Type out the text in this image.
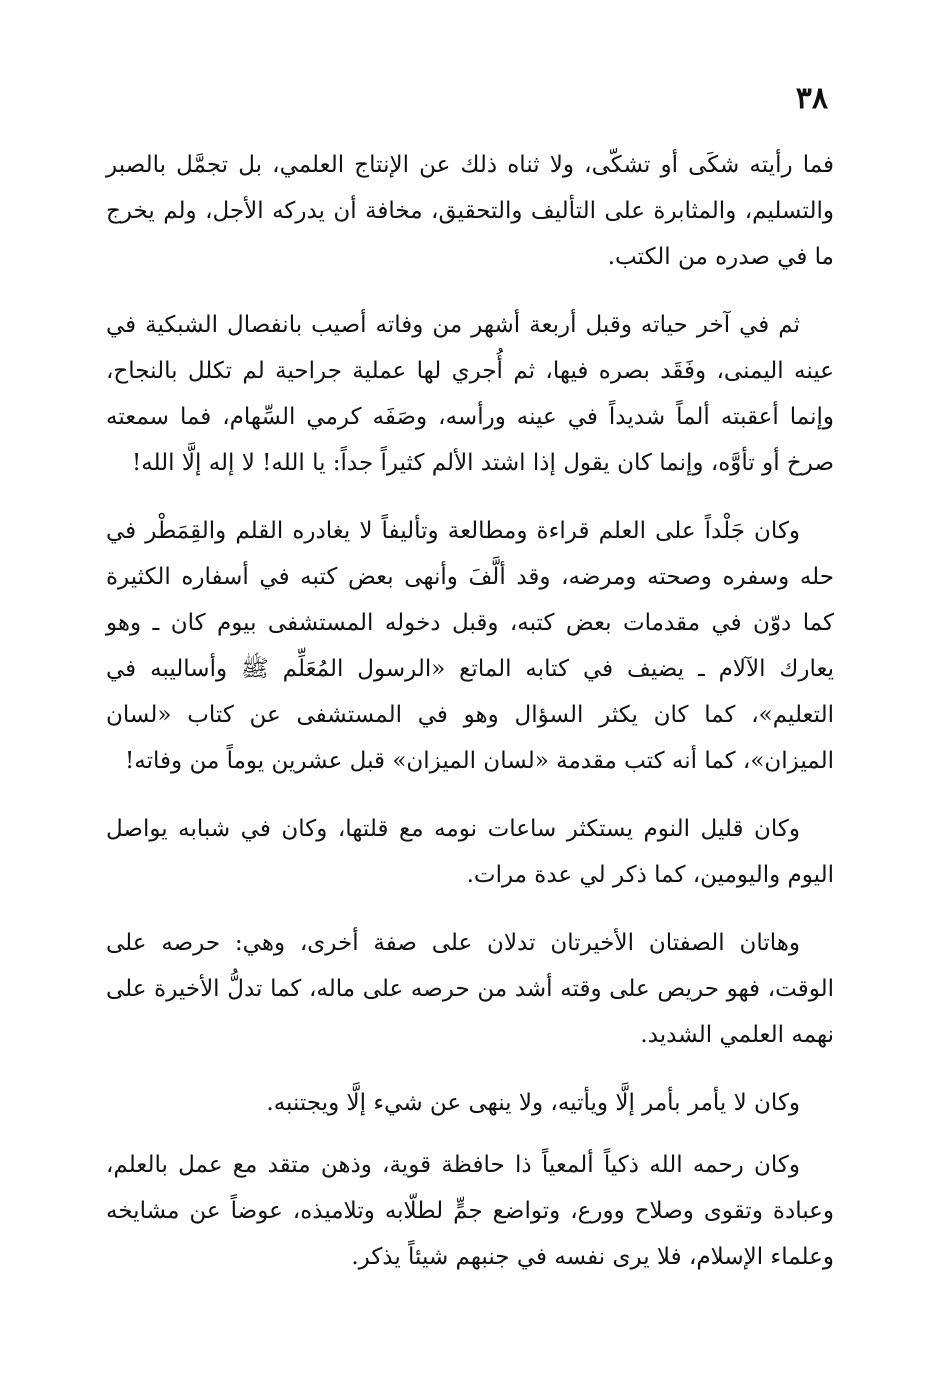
٣٨

فما رأيته شكَى أو تشكّى، ولا ثناه ذلك عن الإنتاج العلمي، بل تجمَّل بالصبر والتسليم، والمثابرة على التأليف والتحقيق، مخافة أن يدركه الأجل، ولم يخرج ما في صدره من الكتب.

ثم في آخر حياته وقبل أربعة أشهر من وفاته أصيب بانفصال الشبكية في عينه اليمنى، وفَقَد بصره فيها، ثم أُجري لها عملية جراحية لم تكلل بالنجاح، وإنما أعقبته ألماً شديداً في عينه ورأسه، وصَفَه كرمي السِّهام، فما سمعته صرخ أو تأوَّه، وإنما كان يقول إذا اشتد الألم كثيراً جداً: يا الله! لا إله إلَّا الله!

وكان جَلْداً على العلم قراءة ومطالعة وتأليفاً لا يغادره القلم والقِمَطْر في حله وسفره وصحته ومرضه، وقد ألَّفَ وأنهى بعض كتبه في أسفاره الكثيرة كما دوّن في مقدمات بعض كتبه، وقبل دخوله المستشفى بيوم كان ـ وهو يعارك الآلام ـ يضيف في كتابه الماتع «الرسول المُعَلِّم ﷺ وأساليبه في التعليم»، كما كان يكثر السؤال وهو في المستشفى عن كتاب «لسان الميزان»، كما أنه كتب مقدمة «لسان الميزان» قبل عشرين يوماً من وفاته!

وكان قليل النوم يستكثر ساعات نومه مع قلتها، وكان في شبابه يواصل اليوم واليومين، كما ذكر لي عدة مرات.

وهاتان الصفتان الأخيرتان تدلان على صفة أخرى، وهي: حرصه على الوقت، فهو حريص على وقته أشد من حرصه على ماله، كما تدلُّ الأخيرة على نهمه العلمي الشديد.

وكان لا يأمر بأمر إلَّا ويأتيه، ولا ينهى عن شيء إلَّا ويجتنبه.

وكان رحمه الله ذكياً ألمعياً ذا حافظة قوية، وذهن متقد مع عمل بالعلم، وعبادة وتقوى وصلاح وورع، وتواضع جمٍّ لطلّابه وتلاميذه، عوضاً عن مشايخه وعلماء الإسلام، فلا يرى نفسه في جنبهم شيئاً يذكر.
